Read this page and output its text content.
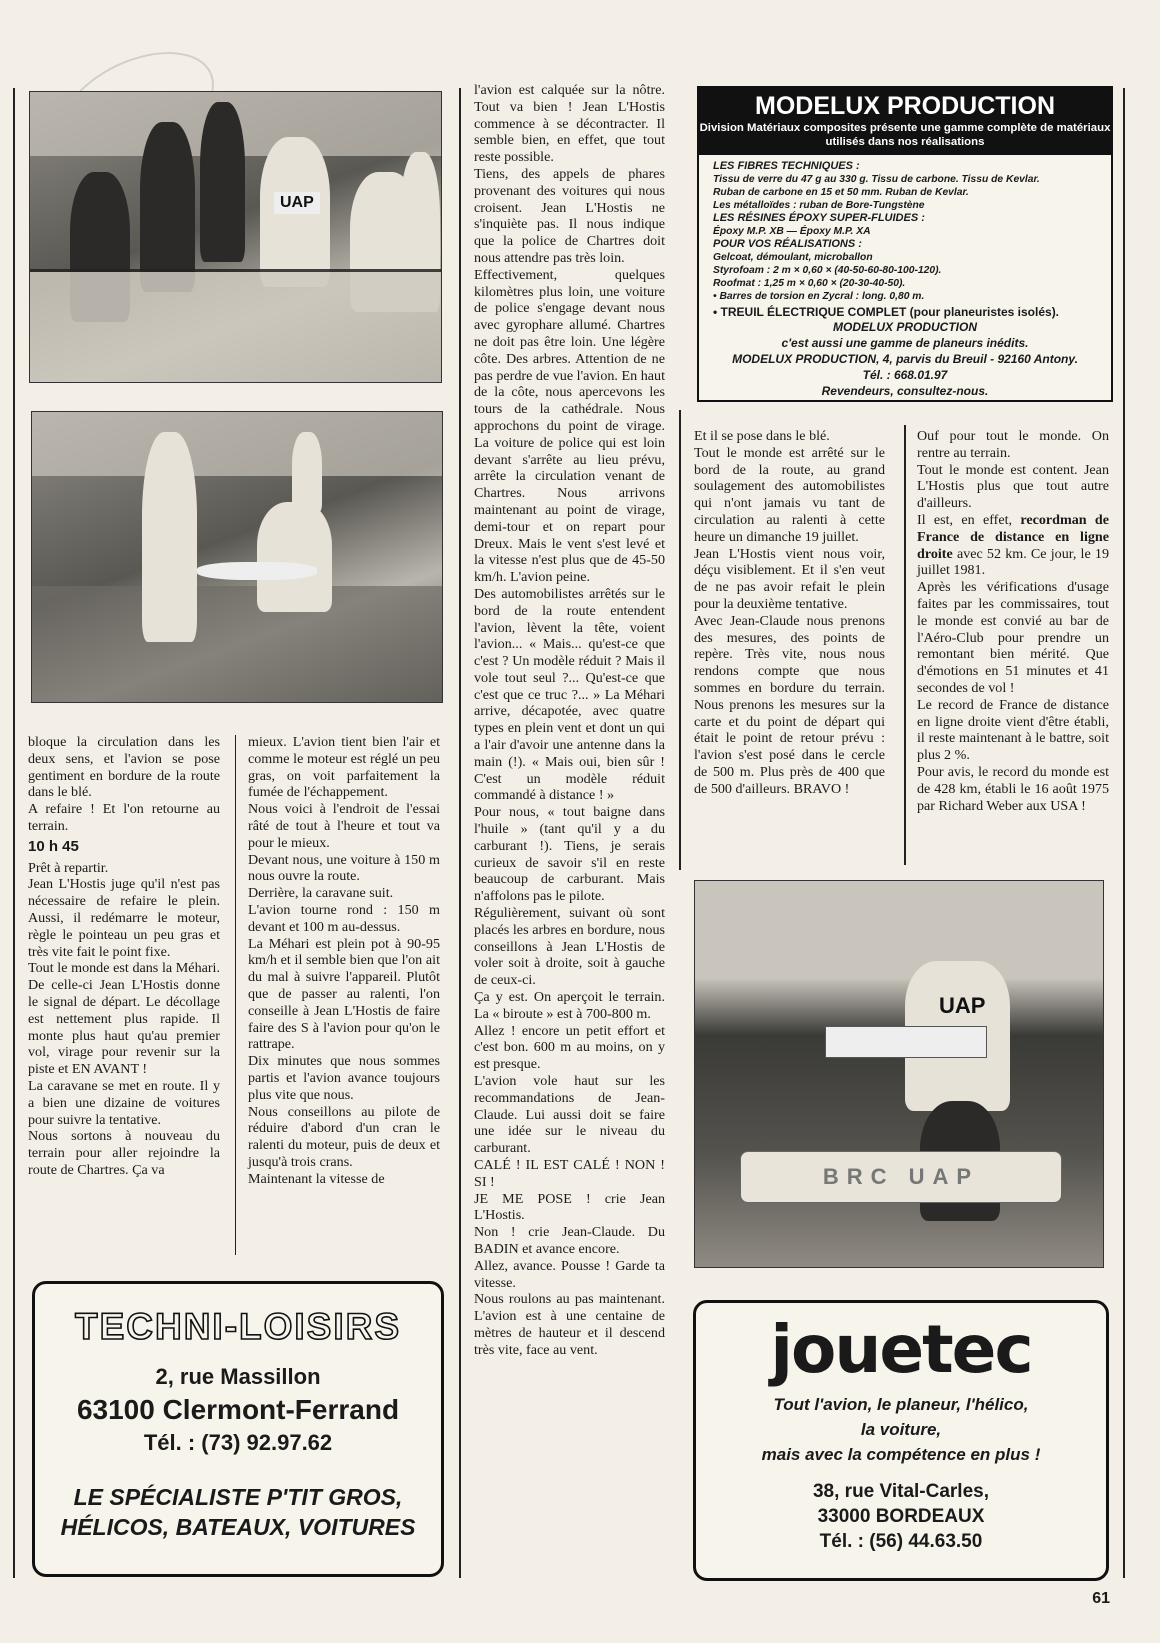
UAP

bloque la circulation dans les deux sens, et l'avion se pose gentiment en bordure de la route dans le blé.
A refaire ! Et l'on retourne au terrain.

10 h 45

Prêt à repartir.
Jean L'Hostis juge qu'il n'est pas nécessaire de refaire le plein. Aussi, il redémarre le moteur, règle le pointeau un peu gras et très vite fait le point fixe.
Tout le monde est dans la Méhari. De celle-ci Jean L'Hostis donne le signal de départ. Le décollage est nettement plus rapide. Il monte plus haut qu'au premier vol, virage pour revenir sur la piste et EN AVANT !
La caravane se met en route. Il y a bien une dizaine de voitures pour suivre la tentative.
Nous sortons à nouveau du terrain pour aller rejoindre la route de Chartres. Ça va

mieux. L'avion tient bien l'air et comme le moteur est réglé un peu gras, on voit parfaitement la fumée de l'échappement.
Nous voici à l'endroit de l'essai râté de tout à l'heure et tout va pour le mieux.
Devant nous, une voiture à 150 m nous ouvre la route.
Derrière, la caravane suit.
L'avion tourne rond : 150 m devant et 100 m au-dessus.
La Méhari est plein pot à 90-95 km/h et il semble bien que l'on ait du mal à suivre l'appareil. Plutôt que de passer au ralenti, l'on conseille à Jean L'Hostis de faire faire des S à l'avion pour qu'on le rattrape.
Dix minutes que nous sommes partis et l'avion avance toujours plus vite que nous.
Nous conseillons au pilote de réduire d'abord d'un cran le ralenti du moteur, puis de deux et jusqu'à trois crans.
Maintenant la vitesse de

l'avion est calquée sur la nôtre. Tout va bien ! Jean L'Hostis commence à se décontracter. Il semble bien, en effet, que tout reste possible.
Tiens, des appels de phares provenant des voitures qui nous croisent. Jean L'Hostis ne s'inquiète pas. Il nous indique que la police de Chartres doit nous attendre pas très loin.
Effectivement, quelques kilomètres plus loin, une voiture de police s'engage devant nous avec gyrophare allumé. Chartres ne doit pas être loin. Une légère côte. Des arbres. Attention de ne pas perdre de vue l'avion. En haut de la côte, nous apercevons les tours de la cathédrale. Nous approchons du point de virage. La voiture de police qui est loin devant s'arrête au lieu prévu, arrête la circulation venant de Chartres. Nous arrivons maintenant au point de virage, demi-tour et on repart pour Dreux. Mais le vent s'est levé et la vitesse n'est plus que de 45-50 km/h. L'avion peine.
Des automobilistes arrêtés sur le bord de la route entendent l'avion, lèvent la tête, voient l'avion... « Mais... qu'est-ce que c'est ? Un modèle réduit ? Mais il vole tout seul ?... Qu'est-ce que c'est que ce truc ?... » La Méhari arrive, décapotée, avec quatre types en plein vent et dont un qui a l'air d'avoir une antenne dans la main (!). « Mais oui, bien sûr ! C'est un modèle réduit commandé à distance ! »
Pour nous, « tout baigne dans l'huile » (tant qu'il y a du carburant !). Tiens, je serais curieux de savoir s'il en reste beaucoup de carburant. Mais n'affolons pas le pilote.
Régulièrement, suivant où sont placés les arbres en bordure, nous conseillons à Jean L'Hostis de voler soit à droite, soit à gauche de ceux-ci.
Ça y est. On aperçoit le terrain. La « biroute » est à 700-800 m.
Allez ! encore un petit effort et c'est bon. 600 m au moins, on y est presque.
L'avion vole haut sur les recommandations de Jean-Claude. Lui aussi doit se faire une idée sur le niveau du carburant.
CALÉ ! IL EST CALÉ ! NON ! SI !
JE ME POSE ! crie Jean L'Hostis.
Non ! crie Jean-Claude. Du BADIN et avance encore.
Allez, avance. Pousse ! Garde ta vitesse.
Nous roulons au pas maintenant. L'avion est à une centaine de mètres de hauteur et il descend très vite, face au vent.

MODELUX PRODUCTION
Division Matériaux composites présente une gamme complète de matériaux utilisés dans nos réalisations
LES FIBRES TECHNIQUES :
Tissu de verre du 47 g au 330 g. Tissu de carbone. Tissu de Kevlar.
Ruban de carbone en 15 et 50 mm. Ruban de Kevlar.
Les métalloïdes : ruban de Bore-Tungstène
LES RÉSINES ÉPOXY SUPER-FLUIDES :
Époxy M.P. XB — Époxy M.P. XA
POUR VOS RÉALISATIONS :
Gelcoat, démoulant, microballon
Styrofoam : 2 m × 0,60 × (40-50-60-80-100-120).
Roofmat : 1,25 m × 0,60 × (20-30-40-50).
• Barres de torsion en Zycral : long. 0,80 m.
• TREUIL ÉLECTRIQUE COMPLET (pour planeuristes isolés).
MODELUX PRODUCTION
c'est aussi une gamme de planeurs inédits.
MODELUX PRODUCTION, 4, parvis du Breuil - 92160 Antony.
Tél. : 668.01.97
Revendeurs, consultez-nous.

Et il se pose dans le blé.
Tout le monde est arrêté sur le bord de la route, au grand soulagement des automobilistes qui n'ont jamais vu tant de circulation au ralenti à cette heure un dimanche 19 juillet.
Jean L'Hostis vient nous voir, déçu visiblement. Et il s'en veut de ne pas avoir refait le plein pour la deuxième tentative.
Avec Jean-Claude nous prenons des mesures, des points de repère. Très vite, nous nous rendons compte que nous sommes en bordure du terrain. Nous prenons les mesures sur la carte et du point de départ qui était le point de retour prévu : l'avion s'est posé dans le cercle de 500 m. Plus près de 400 que de 500 d'ailleurs. BRAVO !

Ouf pour tout le monde. On rentre au terrain.
Tout le monde est content. Jean L'Hostis plus que tout autre d'ailleurs.
Il est, en effet, recordman de France de distance en ligne droite avec 52 km. Ce jour, le 19 juillet 1981.
Après les vérifications d'usage faites par les commissaires, tout le monde est convié au bar de l'Aéro-Club pour prendre un remontant bien mérité. Que d'émotions en 51 minutes et 41 secondes de vol !
Le record de France de distance en ligne droite vient d'être établi, il reste maintenant à le battre, soit plus 2 %.
Pour avis, le record du monde est de 428 km, établi le 16 août 1975 par Richard Weber aux USA !

UAP
BRC UAP
TECHNI-LOISIRS
2, rue Massillon
63100 Clermont-Ferrand
Tél. : (73) 92.97.62
LE SPÉCIALISTE P'TIT GROS,
HÉLICOS, BATEAUX, VOITURES
jouetec
Tout l'avion, le planeur, l'hélico,
la voiture,
mais avec la compétence en plus !
38, rue Vital-Carles,
33000 BORDEAUX
Tél. : (56) 44.63.50
61
